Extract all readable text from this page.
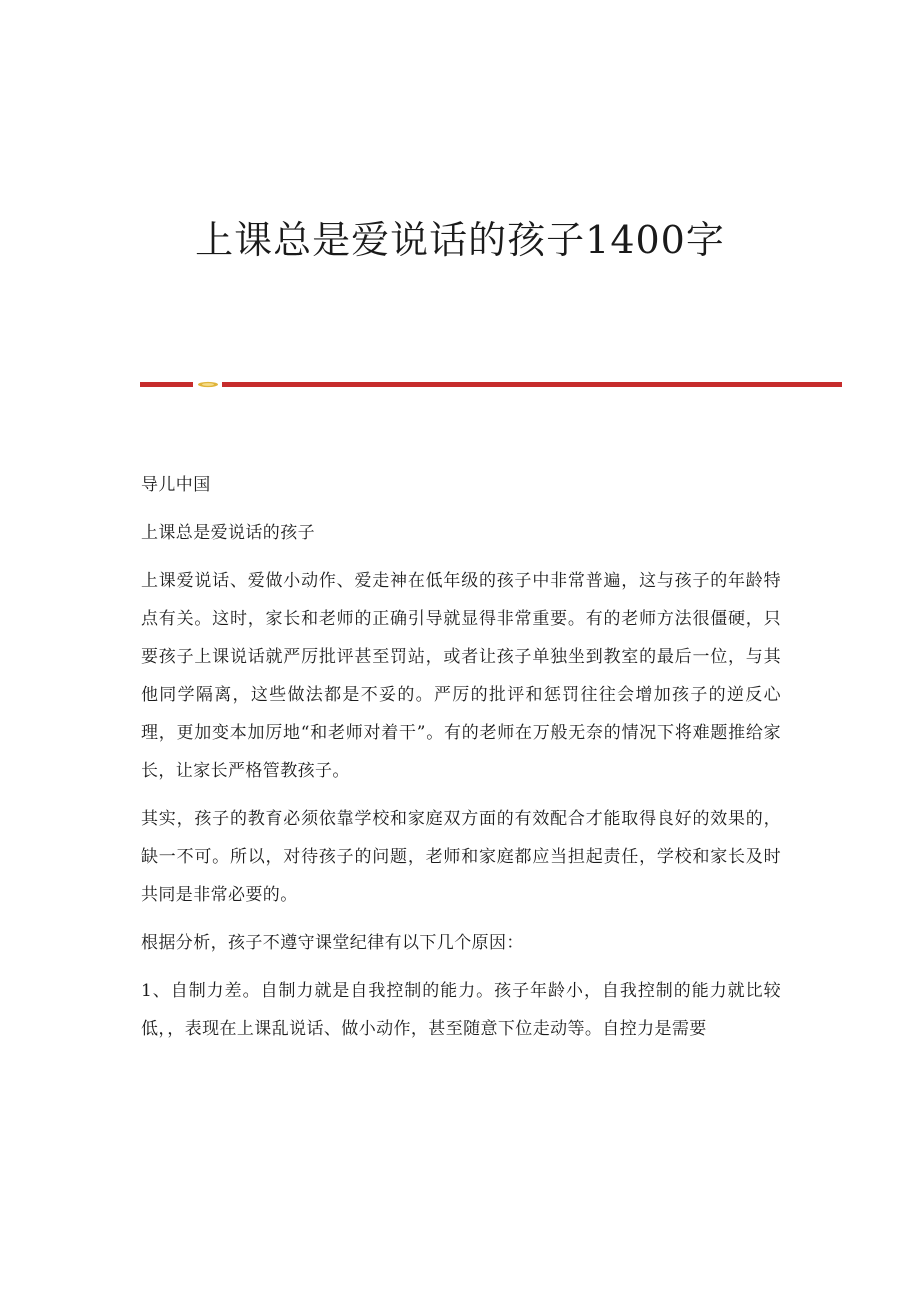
上课总是爱说话的孩子1400字

导儿中国

上课总是爱说话的孩子

上课爱说话、爱做小动作、爱走神在低年级的孩子中非常普遍，这与孩子的年龄特点有关。这时，家长和老师的正确引导就显得非常重要。有的老师方法很僵硬，只要孩子上课说话就严厉批评甚至罚站，或者让孩子单独坐到教室的最后一位，与其他同学隔离，这些做法都是不妥的。严厉的批评和惩罚往往会增加孩子的逆反心理，更加变本加厉地“和老师对着干”。有的老师在万般无奈的情况下将难题推给家长，让家长严格管教孩子。

其实，孩子的教育必须依靠学校和家庭双方面的有效配合才能取得良好的效果的，缺一不可。所以，对待孩子的问题，老师和家庭都应当担起责任，学校和家长及时共同是非常必要的。

根据分析，孩子不遵守课堂纪律有以下几个原因：

1、自制力差。自制力就是自我控制的能力。孩子年龄小，自我控制的能力就比较低，，表现在上课乱说话、做小动作，甚至随意下位走动等。自控力是需要
